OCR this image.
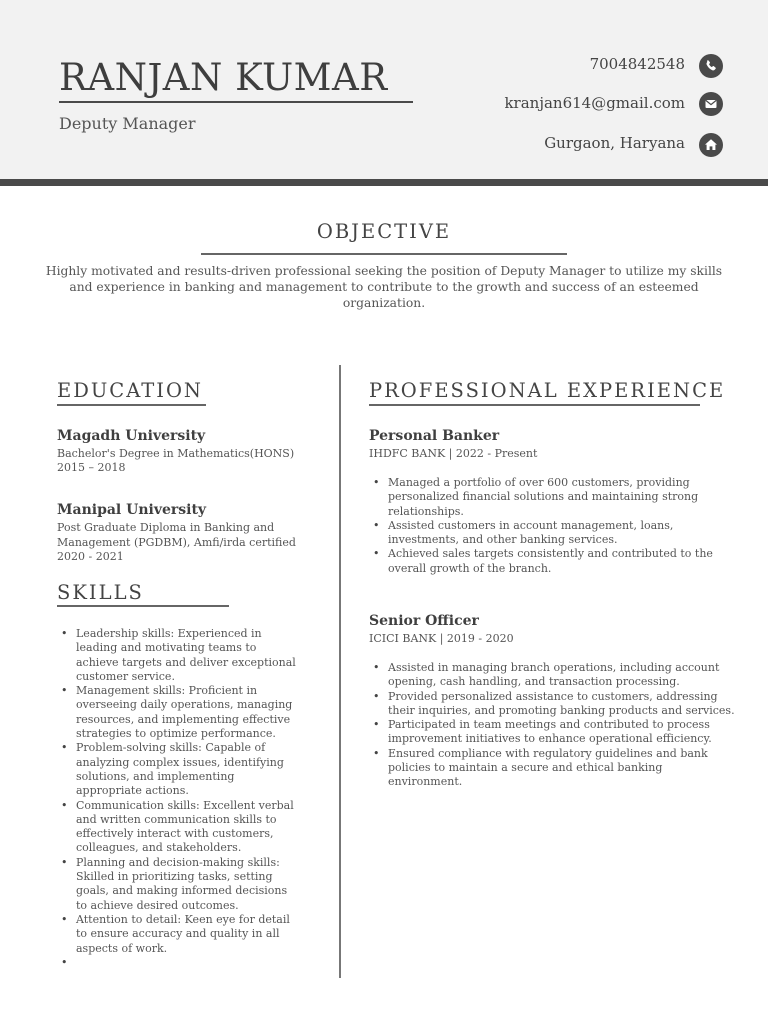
RANJAN KUMAR
Deputy Manager
7004842548
kranjan614@gmail.com
Gurgaon, Haryana
OBJECTIVE
Highly motivated and results-driven professional seeking the position of Deputy Manager to utilize my skills and experience in banking and management to contribute to the growth and success of an esteemed organization.
EDUCATION
Magadh University
Bachelor's Degree in Mathematics(HONS)
2015 – 2018
Manipal University
Post Graduate Diploma in Banking and Management (PGDBM), Amfi/irda certified
2020 - 2021
SKILLS
• Leadership skills: Experienced in leading and motivating teams to achieve targets and deliver exceptional customer service.
• Management skills: Proficient in overseeing daily operations, managing resources, and implementing effective strategies to optimize performance.
• Problem-solving skills: Capable of analyzing complex issues, identifying solutions, and implementing appropriate actions.
• Communication skills: Excellent verbal and written communication skills to effectively interact with customers, colleagues, and stakeholders.
• Planning and decision-making skills: Skilled in prioritizing tasks, setting goals, and making informed decisions to achieve desired outcomes.
• Attention to detail: Keen eye for detail to ensure accuracy and quality in all aspects of work.
•
PROFESSIONAL EXPERIENCE
Personal Banker
IHDFC BANK | 2022 - Present
• Managed a portfolio of over 600 customers, providing personalized financial solutions and maintaining strong relationships.
• Assisted customers in account management, loans, investments, and other banking services.
• Achieved sales targets consistently and contributed to the overall growth of the branch.
Senior Officer
ICICI BANK | 2019 - 2020
• Assisted in managing branch operations, including account opening, cash handling, and transaction processing.
• Provided personalized assistance to customers, addressing their inquiries, and promoting banking products and services.
• Participated in team meetings and contributed to process improvement initiatives to enhance operational efficiency.
• Ensured compliance with regulatory guidelines and bank policies to maintain a secure and ethical banking environment.
